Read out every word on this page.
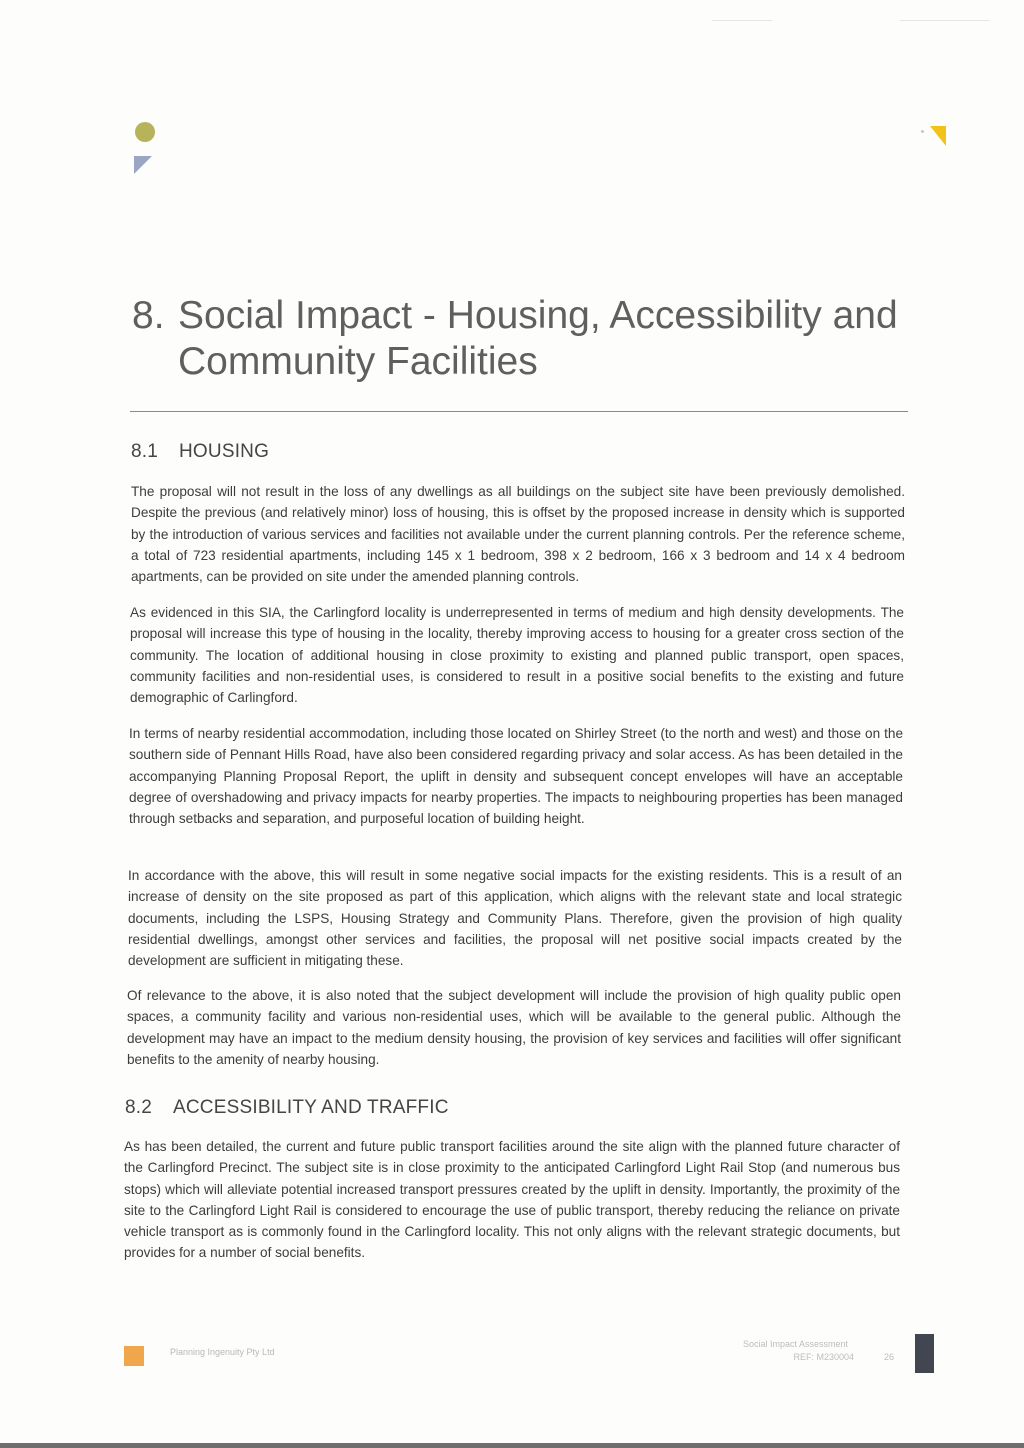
8. Social Impact - Housing, Accessibility and
Community Facilities
8.1 HOUSING

The proposal will not result in the loss of any dwellings as all buildings on the subject site have been previously demolished. Despite the previous (and relatively minor) loss of housing, this is offset by the proposed increase in density which is supported by the introduction of various services and facilities not available under the current planning controls. Per the reference scheme, a total of 723 residential apartments, including 145 x 1 bedroom, 398 x 2 bedroom, 166 x 3 bedroom and 14 x 4 bedroom apartments, can be provided on site under the amended planning controls.

As evidenced in this SIA, the Carlingford locality is underrepresented in terms of medium and high density developments. The proposal will increase this type of housing in the locality, thereby improving access to housing for a greater cross section of the community. The location of additional housing in close proximity to existing and planned public transport, open spaces, community facilities and non-residential uses, is considered to result in a positive social benefits to the existing and future demographic of Carlingford.

In terms of nearby residential accommodation, including those located on Shirley Street (to the north and west) and those on the southern side of Pennant Hills Road, have also been considered regarding privacy and solar access. As has been detailed in the accompanying Planning Proposal Report, the uplift in density and subsequent concept envelopes will have an acceptable degree of overshadowing and privacy impacts for nearby properties. The impacts to neighbouring properties has been managed through setbacks and separation, and purposeful location of building height.

In accordance with the above, this will result in some negative social impacts for the existing residents. This is a result of an increase of density on the site proposed as part of this application, which aligns with the relevant state and local strategic documents, including the LSPS, Housing Strategy and Community Plans. Therefore, given the provision of high quality residential dwellings, amongst other services and facilities, the proposal will net positive social impacts created by the development are sufficient in mitigating these.

Of relevance to the above, it is also noted that the subject development will include the provision of high quality public open spaces, a community facility and various non-residential uses, which will be available to the general public. Although the development may have an impact to the medium density housing, the provision of key services and facilities will offer significant benefits to the amenity of nearby housing.

8.2 ACCESSIBILITY AND TRAFFIC

As has been detailed, the current and future public transport facilities around the site align with the planned future character of the Carlingford Precinct. The subject site is in close proximity to the anticipated Carlingford Light Rail Stop (and numerous bus stops) which will alleviate potential increased transport pressures created by the uplift in density. Importantly, the proximity of the site to the Carlingford Light Rail is considered to encourage the use of public transport, thereby reducing the reliance on private vehicle transport as is commonly found in the Carlingford locality. This not only aligns with the relevant strategic documents, but provides for a number of social benefits.

Planning Ingenuity Pty Ltd
Social Impact Assessment
REF: M230004	26
